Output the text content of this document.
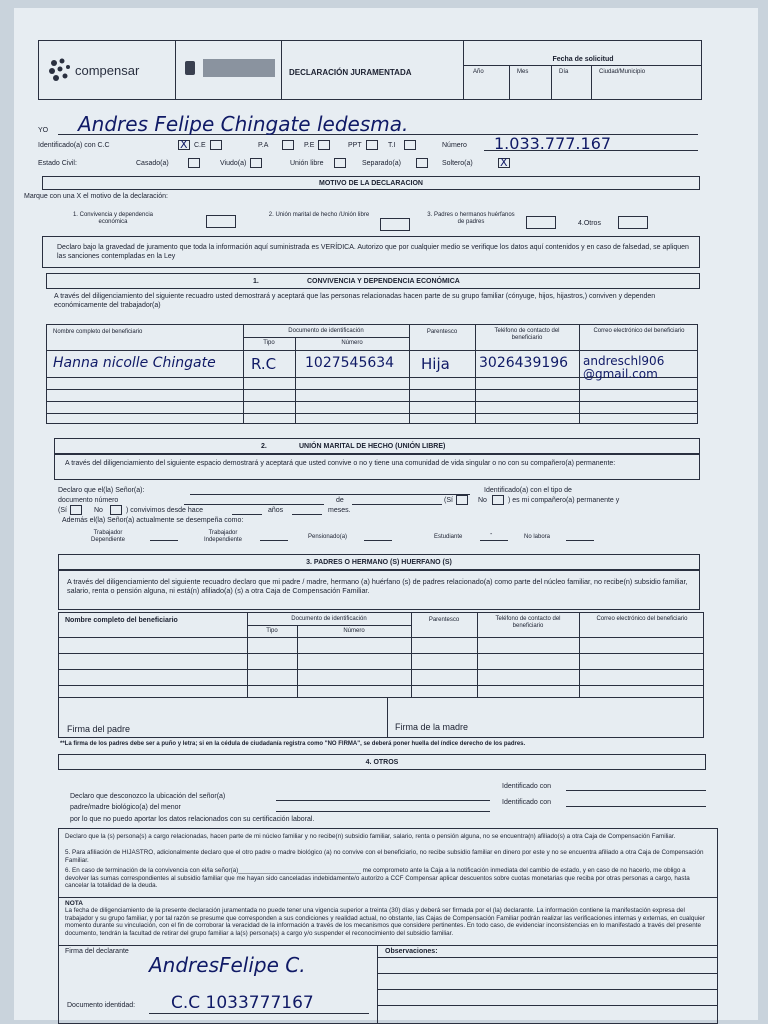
compensar	DECLARACIÓN JURAMENTADA
Fecha de solicitud
Año	Mes	Día	Ciudad/Municipio
YO Andres Felipe Chingate ledesma.
Identificado(a) con C.C	X C.E	P.A	P.E	PPT	T.I	Número 1.033.777.167
Estado Civil:	Casado(a)	Viudo(a)	Unión libre	Separado(a)	Soltero(a) X
MOTIVO DE LA DECLARACION
Marque con una X el motivo de la declaración:
1. Convivencia y dependencia económica
2. Unión marital de hecho /Unión libre	3. Padres o hermanos huérfanos de padres	4.Otros
Declaro bajo la gravedad de juramento que toda la información aquí suministrada es VERÍDICA. Autorizo que por cualquier medio se verifique los datos aquí contenidos y en caso de falsedad, se apliquen las sanciones contempladas en la Ley
1.	CONVIVENCIA Y DEPENDENCIA ECONÓMICA
A través del diligenciamiento del siguiente recuadro usted demostrará y aceptará que las personas relacionadas hacen parte de su grupo familiar (cónyuge, hijos, hijastros,) conviven y dependen económicamente del trabajador(a)
Nombre completo del beneficiario	Documento de identificación
Tipo	Número
Parentesco	Teléfono de contacto del beneficiario
Correo electrónico del beneficiario
Hanna nicolle Chingate R.C 1027545634 Hija 3026439196 andreschl906 @gmail.com
2.	UNIÓN MARITAL DE HECHO (UNIÓN LIBRE)
A través del diligenciamiento del siguiente espacio demostrará y aceptará que usted convive o no y tiene una comunidad de vida singular o no con su compañero(a) permanente:
Declaro que el(la) Señor(a):	Identificado(a) con el tipo de
documento número	de	(Sí	No	) es mi compañero(a) permanente y
(Sí	No	) convivimos desde hace	años	meses.
Además el(la) Señor(a) actualmente se desempeña como:
Trabajador Dependiente
Trabajador Independiente	Pensionado(a)	Estudiante	-	No labora
3. PADRES O HERMANO (S) HUERFANO (S)
A través del diligenciamiento del siguiente recuadro declaro que mi padre / madre, hermano (a) huérfano (s) de padres relacionado(a) como parte del núcleo familiar, no recibe(n) subsidio familiar, salario, renta o pensión alguna, ni está(n) afiliado(a) (s) a otra Caja de Compensación Familiar.
Nombre completo del beneficiario	Documento de identificación
Tipo	Número
Parentesco	Teléfono de contacto del beneficiario
Correo electrónico del beneficiario
Firma del padre	Firma de la madre
**La firma de los padres debe ser a puño y letra; si en la cédula de ciudadanía registra como "NO FIRMA", se deberá poner huella del índice derecho de los padres.
4. OTROS
Declaro que desconozco la ubicación del señor(a)
Identificado con
padre/madre biológico(a) del menor
Identificado con
por lo que no puedo aportar los datos relacionados con su certificación laboral.
Declaro que la (s) persona(s) a cargo relacionadas, hacen parte de mi núcleo familiar y no recibe(n) subsidio familiar, salario, renta o pensión alguna, no se encuentra(n) afiliado(s) a otra Caja de Compensación Familiar.
5. Para afiliación de HIJASTRO, adicionalmente declaro que el otro padre o madre biológico (a) no convive con el beneficiario, no recibe subsidio familiar en dinero por este y no se encuentra afiliado a otra Caja de Compensación Familiar.
6. En caso de terminación de la convivencia con el/la señor(a)___________________________________ me comprometo ante la Caja a la notificación inmediata del cambio de estado, y en caso de no hacerlo, me obligo a devolver las sumas correspondientes al subsidio familiar que me hayan sido canceladas indebidamente/o autorizo a CCF Compensar aplicar descuentos sobre cuotas monetarias que reciba por otras personas a cargo, hasta cancelar la totalidad de la deuda.
NOTA
La fecha de diligenciamiento de la presente declaración juramentada no puede tener una vigencia superior a treinta (30) días y deberá ser firmada por el (la) declarante. La información contiene la manifestación expresa del trabajador y su grupo familiar, y por tal razón se presume que corresponden a sus condiciones y realidad actual, no obstante, las Cajas de Compensación Familiar podrán realizar las verificaciones internas y externas, en cualquier momento durante su vinculación, con el fin de corroborar la veracidad de la información a través de los mecanismos que considere pertinentes. En todo caso, de evidenciar inconsistencias en lo manifestado a través del presente documento, tendrán la facultad de retirar del grupo familiar a la(s) persona(s) a cargo y/o suspender el reconocimiento del subsidio familiar.
Firma del declarante	Observaciones:
AndresFelipe C.
Documento identidad: C.C 1033777167
